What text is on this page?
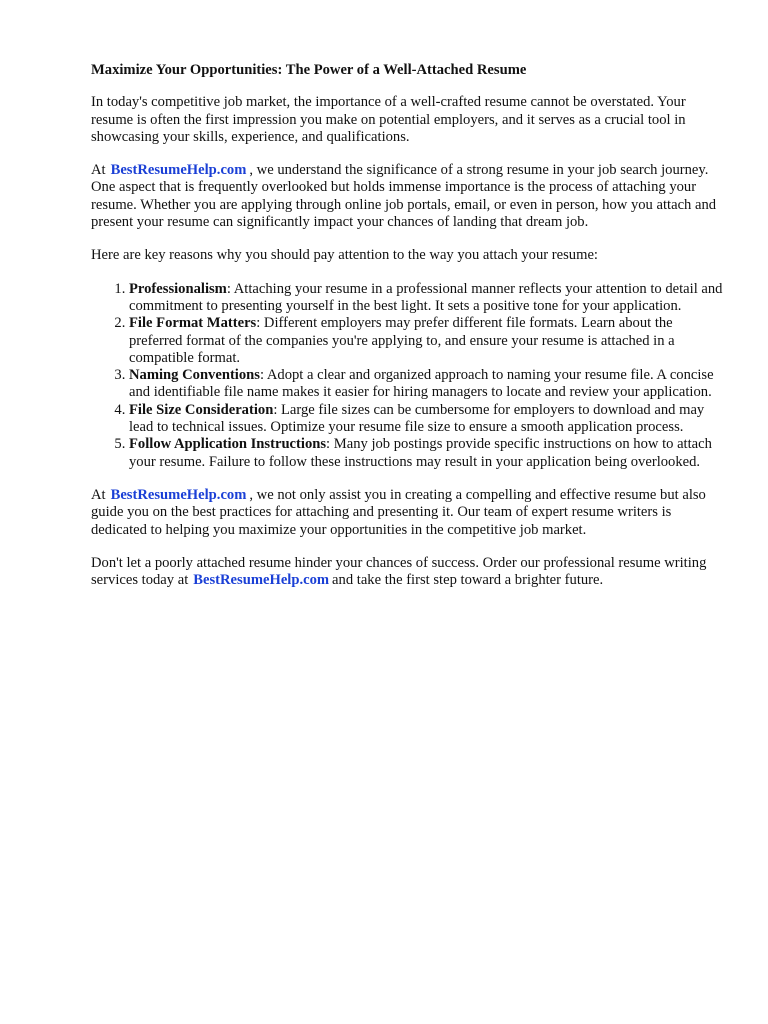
Maximize Your Opportunities: The Power of a Well-Attached Resume

In today's competitive job market, the importance of a well-crafted resume cannot be overstated. Your resume is often the first impression you make on potential employers, and it serves as a crucial tool in showcasing your skills, experience, and qualifications.

At BestResumeHelp.com , we understand the significance of a strong resume in your job search journey. One aspect that is frequently overlooked but holds immense importance is the process of attaching your resume. Whether you are applying through online job portals, email, or even in person, how you attach and present your resume can significantly impact your chances of landing that dream job.

Here are key reasons why you should pay attention to the way you attach your resume:

1. Professionalism: Attaching your resume in a professional manner reflects your attention to detail and commitment to presenting yourself in the best light. It sets a positive tone for your application.
2. File Format Matters: Different employers may prefer different file formats. Learn about the preferred format of the companies you're applying to, and ensure your resume is attached in a compatible format.
3. Naming Conventions: Adopt a clear and organized approach to naming your resume file. A concise and identifiable file name makes it easier for hiring managers to locate and review your application.
4. File Size Consideration: Large file sizes can be cumbersome for employers to download and may lead to technical issues. Optimize your resume file size to ensure a smooth application process.
5. Follow Application Instructions: Many job postings provide specific instructions on how to attach your resume. Failure to follow these instructions may result in your application being overlooked.

At BestResumeHelp.com , we not only assist you in creating a compelling and effective resume but also guide you on the best practices for attaching and presenting it. Our team of expert resume writers is dedicated to helping you maximize your opportunities in the competitive job market.

Don't let a poorly attached resume hinder your chances of success. Order our professional resume writing services today at BestResumeHelp.com and take the first step toward a brighter future.
